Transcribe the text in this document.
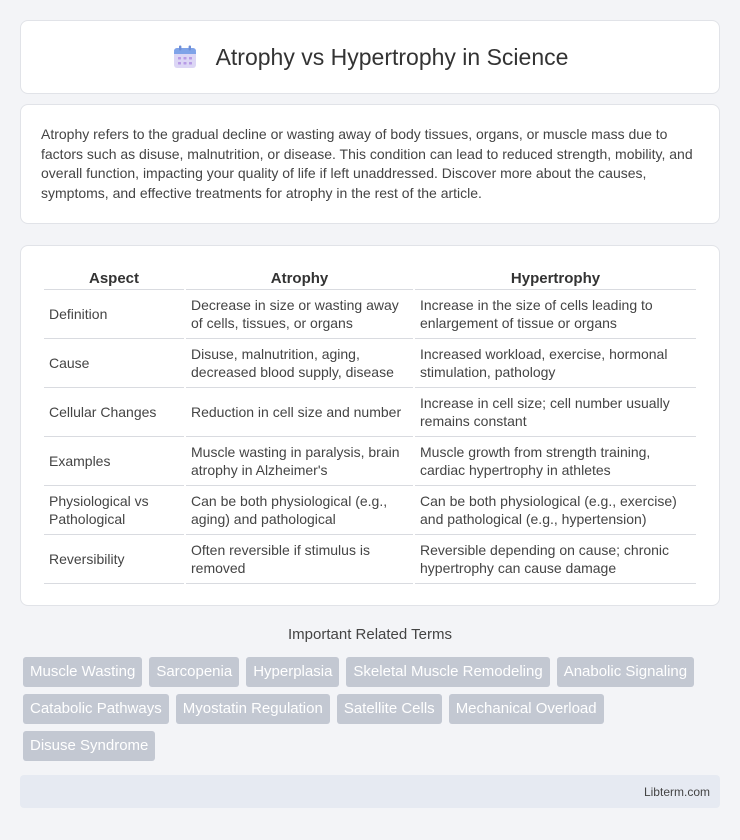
Atrophy vs Hypertrophy in Science

Atrophy refers to the gradual decline or wasting away of body tissues, organs, or muscle mass due to factors such as disuse, malnutrition, or disease. This condition can lead to reduced strength, mobility, and overall function, impacting your quality of life if left unaddressed. Discover more about the causes, symptoms, and effective treatments for atrophy in the rest of the article.

Aspect	Atrophy	Hypertrophy
Definition	Decrease in size or wasting away of cells, tissues, or organs	Increase in the size of cells leading to enlargement of tissue or organs
Cause	Disuse, malnutrition, aging, decreased blood supply, disease	Increased workload, exercise, hormonal stimulation, pathology
Cellular Changes	Reduction in cell size and number	Increase in cell size; cell number usually remains constant
Examples	Muscle wasting in paralysis, brain atrophy in Alzheimer's	Muscle growth from strength training, cardiac hypertrophy in athletes
Physiological vs Pathological	Can be both physiological (e.g., aging) and pathological	Can be both physiological (e.g., exercise) and pathological (e.g., hypertension)
Reversibility	Often reversible if stimulus is removed	Reversible depending on cause; chronic hypertrophy can cause damage
Important Related Terms
Muscle Wasting	Sarcopenia	Hyperplasia	Skeletal Muscle Remodeling	Anabolic Signaling
Catabolic Pathways	Myostatin Regulation	Satellite Cells	Mechanical Overload
Disuse Syndrome
Libterm.com
